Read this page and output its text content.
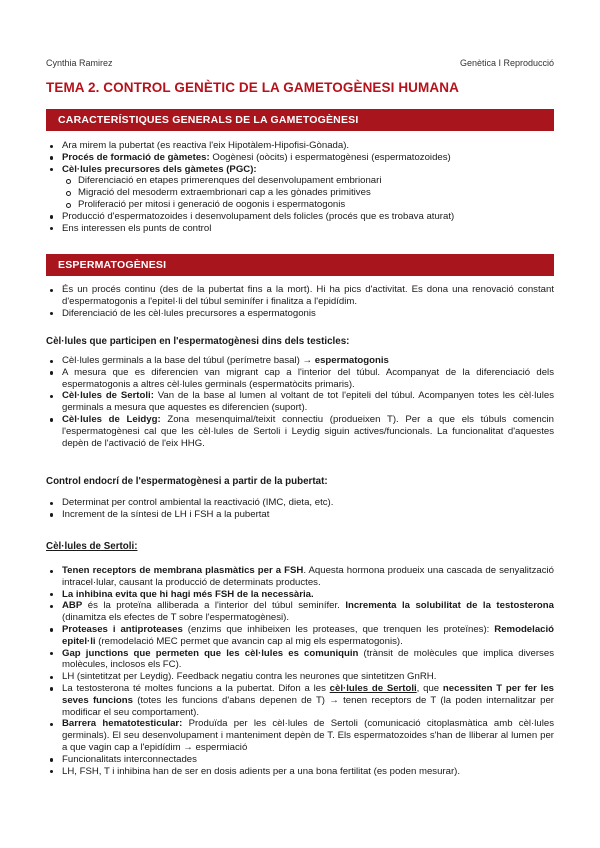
Cynthia Ramirez	Genètica I Reproducció
TEMA 2. CONTROL GENÈTIC DE LA GAMETOGÈNESI HUMANA
CARACTERÍSTIQUES GENERALS DE LA GAMETOGÈNESI
Ara mirem la pubertat (es reactiva l'eix Hipotàlem-Hipofisi-Gònada).
Procés de formació de gàmetes: Oogènesi (oòcits) i espermatogènesi (espermatozoides)
Cèl·lules precursores dels gàmetes (PGC):
Diferenciació en etapes primerenques del desenvolupament embrionari
Migració del mesoderm extraembrionari cap a les gònades primitives
Proliferació per mitosi i generació de oogonis i espermatogonis
Producció d'espermatozoides i desenvolupament dels folicles (procés que es trobava aturat)
Ens interessen els punts de control
ESPERMATOGÈNESI
És un procés continu (des de la pubertat fins a la mort). Hi ha pics d'activitat. Es dona una renovació constant d'espermatogonis a l'epitel·li del túbul seminífer i finalitza a l'epidídim.
Diferenciació de les cèl·lules precursores a espermatogonis
Cèl·lules que participen en l'espermatogènesi dins dels testicles:
Cèl·lules germinals a la base del túbul (perímetre basal) → espermatogonis
A mesura que es diferencien van migrant cap a l'interior del túbul. Acompanyat de la diferenciació dels espermatogonis a altres cèl·lules germinals (espermatòcits primaris).
Cèl·lules de Sertoli: Van de la base al lumen al voltant de tot l'epiteli del túbul. Acompanyen totes les cèl·lules germinals a mesura que aquestes es diferencien (suport).
Cèl·lules de Leidyg: Zona mesenquimal/teixit connectiu (produeixen T). Per a que els túbuls comencin l'espermatogènesi cal que les cèl·lules de Sertoli i Leydig siguin actives/funcionals. La funcionalitat d'aquestes depèn de l'activació de l'eix HHG.
Control endocrí de l'espermatogènesi a partir de la pubertat:
Determinat per control ambiental la reactivació (IMC, dieta, etc).
Increment de la síntesi de LH i FSH a la pubertat
Cèl·lules de Sertoli:
Tenen receptors de membrana plasmàtics per a FSH. Aquesta hormona produeix una cascada de senyalització intracel·lular, causant la producció de determinats productes.
La inhibina evita que hi hagi més FSH de la necessària.
ABP és la proteïna alliberada a l'interior del túbul seminífer. Incrementa la solubilitat de la testosterona (dinamitza els efectes de T sobre l'espermatogènesi).
Proteases i antiproteases (enzims que inhibeixen les proteases, que trenquen les proteïnes): Remodelació epitel·li (remodelació MEC permet que avancin cap al mig els espermatogonis).
Gap junctions que permeten que les cèl·lules es comuniquin (trànsit de molècules que implica diverses molècules, inclosos els FC).
LH (sintetitzat per Leydig). Feedback negatiu contra les neurones que sintetitzen GnRH.
La testosterona té moltes funcions a la pubertat. Difon a les cèl·lules de Sertoli, que necessiten T per fer les seves funcions (totes les funcions d'abans depenen de T) → tenen receptors de T (la poden internalitzar per modificar el seu comportament).
Barrera hematotesticular: Produïda per les cèl·lules de Sertoli (comunicació citoplasmàtica amb cèl·lules germinals). El seu desenvolupament i manteniment depèn de T. Els espermatozoides s'han de lliberar al lumen per a que vagin cap a l'epidídim → espermiació
Funcionalitats interconnectades
LH, FSH, T i inhibina han de ser en dosis adients per a una bona fertilitat (es poden mesurar).
